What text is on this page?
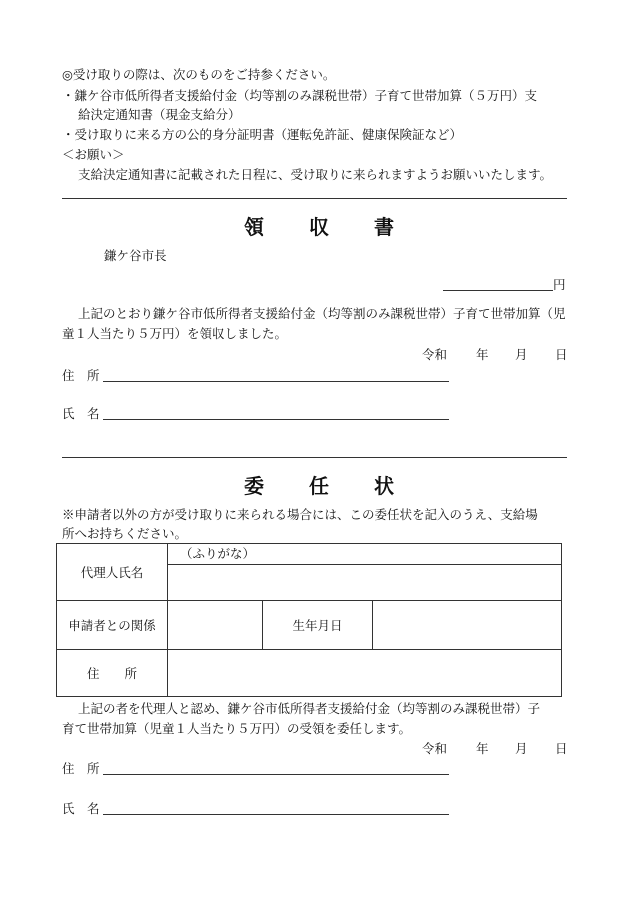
◎受け取りの際は、次のものをご持参ください。
・鎌ケ谷市低所得者支援給付金（均等割のみ課税世帯）子育て世帯加算（５万円）支
給決定通知書（現金支給分）
・受け取りに来る方の公的身分証明書（運転免許証、健康保険証など）
＜お願い＞
支給決定通知書に記載された日程に、受け取りに来られますようお願いいたします。
領 収 書
鎌ケ谷市長
円
上記のとおり鎌ケ谷市低所得者支援給付金（均等割のみ課税世帯）子育て世帯加算（児
童１人当たり５万円）を領収しました。
令和 年 月 日
住　所
氏　名
委 任 状
※申請者以外の方が受け取りに来られる場合には、この委任状を記入のうえ、支給場
所へお持ちください。
代理人氏名	（ふりがな）		

申請者との関係		生年月日	
住　　所			
上記の者を代理人と認め、鎌ケ谷市低所得者支援給付金（均等割のみ課税世帯）子
育て世帯加算（児童１人当たり５万円）の受領を委任します。
令和 年 月 日
住　所
氏　名
